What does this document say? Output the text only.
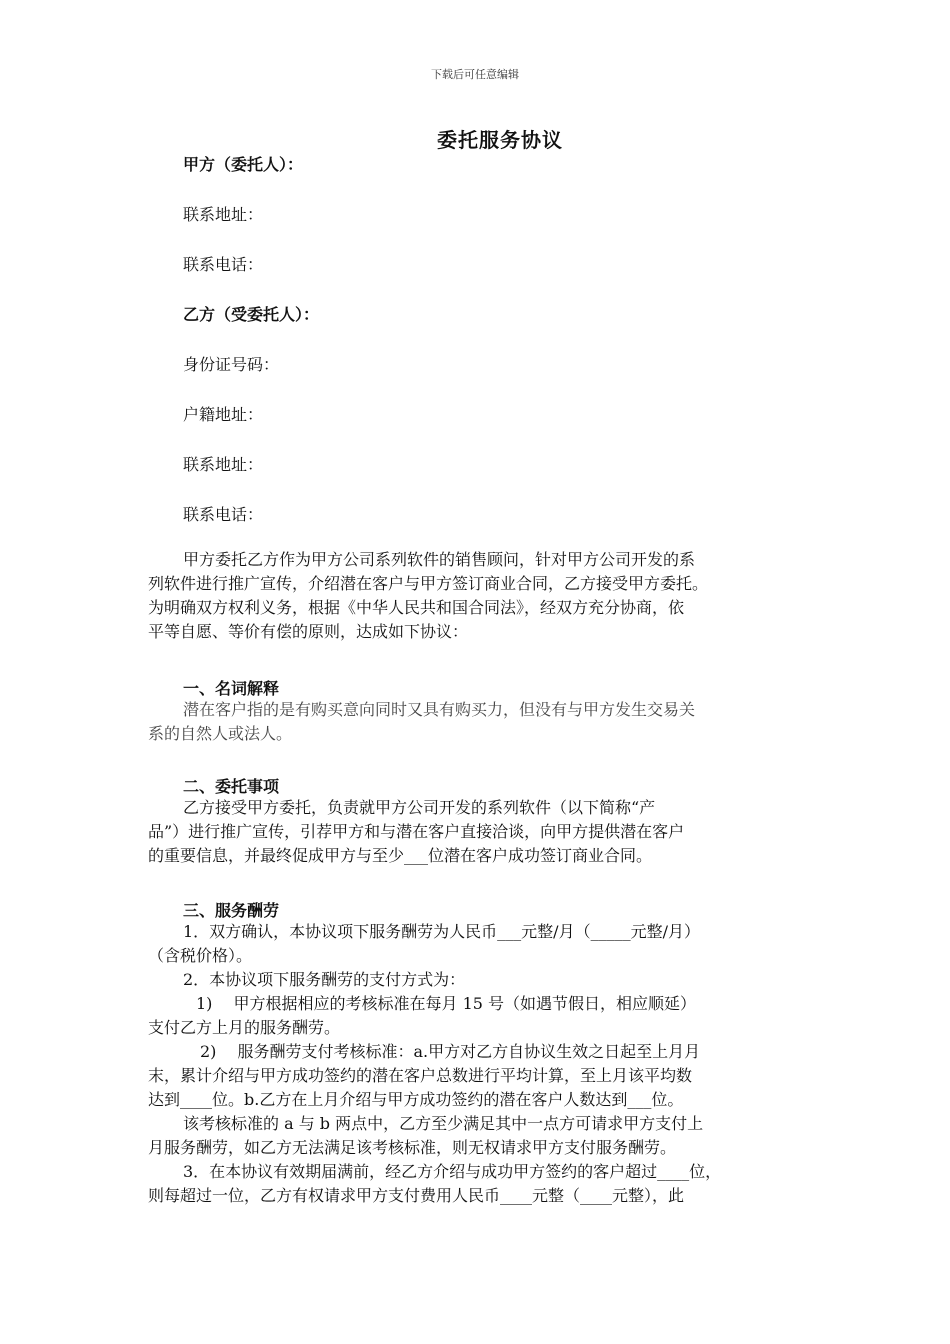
下载后可任意编辑
委托服务协议
甲方（委托人）：
联系地址：
联系电话：
乙方（受委托人）：
身份证号码：
户籍地址：
联系地址：
联系电话：

甲方委托乙方作为甲方公司系列软件的销售顾问，针对甲方公司开发的系

列软件进行推广宣传，介绍潜在客户与甲方签订商业合同，乙方接受甲方委托。

为明确双方权利义务，根据《中华人民共和国合同法》，经双方充分协商，依

平等自愿、等价有偿的原则，达成如下协议：

一、名词解释

潜在客户指的是有购买意向同时又具有购买力，但没有与甲方发生交易关

系的自然人或法人。

二、委托事项

乙方接受甲方委托，负责就甲方公司开发的系列软件（以下简称“产

品”）进行推广宣传，引荐甲方和与潜在客户直接洽谈，向甲方提供潜在客户

的重要信息，并最终促成甲方与至少___位潜在客户成功签订商业合同。

三、服务酬劳

1．双方确认，本协议项下服务酬劳为人民币___元整/月（_____元整/月）

（含税价格）。

2．本协议项下服务酬劳的支付方式为：

1)　 甲方根据相应的考核标准在每月 15 号（如遇节假日，相应顺延）

支付乙方上月的服务酬劳。

2)　 服务酬劳支付考核标准：a.甲方对乙方自协议生效之日起至上月月

末，累计介绍与甲方成功签约的潜在客户总数进行平均计算，至上月该平均数

达到____位。b.乙方在上月介绍与甲方成功签约的潜在客户人数达到___位。

该考核标准的 a 与 b 两点中，乙方至少满足其中一点方可请求甲方支付上

月服务酬劳，如乙方无法满足该考核标准，则无权请求甲方支付服务酬劳。

3．在本协议有效期届满前，经乙方介绍与成功甲方签约的客户超过____位，

则每超过一位，乙方有权请求甲方支付费用人民币____元整（____元整），此
